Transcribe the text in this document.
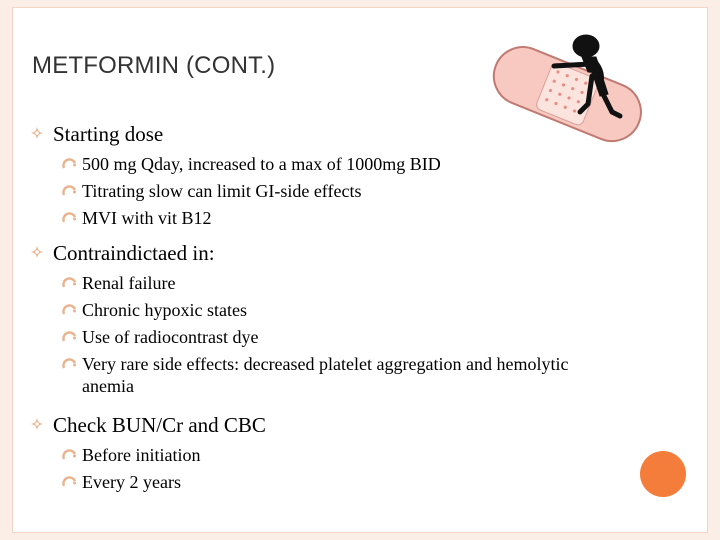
METFORMIN (CONT.)
Starting dose
500 mg Qday, increased to a max of 1000mg BID
Titrating slow can limit GI-side effects
MVI with vit B12
Contraindictaed in:
Renal failure
Chronic hypoxic states
Use of radiocontrast dye
Very rare side effects: decreased platelet aggregation and hemolytic anemia
Check BUN/Cr and CBC
Before initiation
Every 2 years
